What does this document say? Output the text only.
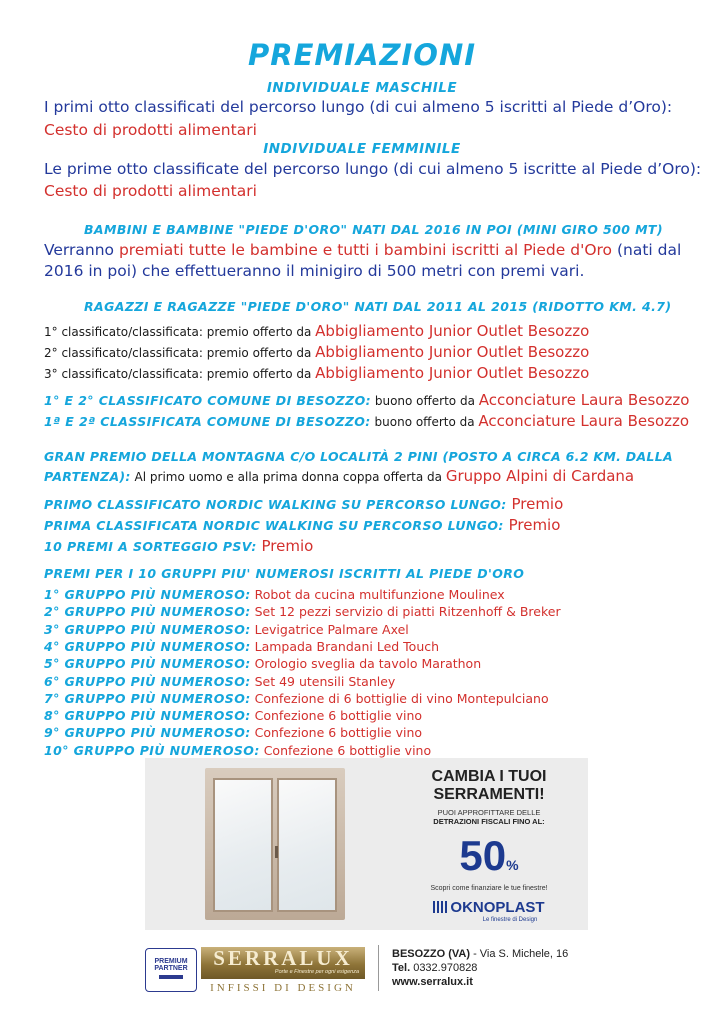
PREMIAZIONI
INDIVIDUALE MASCHILE
I primi otto classificati del percorso lungo (di cui almeno 5 iscritti al Piede d’Oro):
Cesto di prodotti alimentari
INDIVIDUALE FEMMINILE
Le prime otto classificate del percorso lungo (di cui almeno 5 iscritte al Piede d’Oro):
Cesto di prodotti alimentari
BAMBINI E BAMBINE "PIEDE D'ORO" NATI DAL 2016 IN POI (MINI GIRO 500 MT)
Verranno premiati tutte le bambine e tutti i bambini iscritti al Piede d'Oro (nati dal
2016 in poi) che effettueranno il minigiro di 500 metri con premi vari.
RAGAZZI E RAGAZZE "PIEDE D'ORO" NATI DAL 2011 AL 2015 (RIDOTTO KM. 4.7)
1° classificato/classificata: premio offerto da Abbigliamento Junior Outlet Besozzo
2° classificato/classificata: premio offerto da Abbigliamento Junior Outlet Besozzo
3° classificato/classificata: premio offerto da Abbigliamento Junior Outlet Besozzo
1° E 2° CLASSIFICATO COMUNE DI BESOZZO: buono offerto da Acconciature Laura Besozzo
1ª E 2ª CLASSIFICATA COMUNE DI BESOZZO: buono offerto da Acconciature Laura Besozzo
GRAN PREMIO DELLA MONTAGNA C/O LOCALITÀ 2 PINI (POSTO A CIRCA 6.2 KM. DALLA
PARTENZA): Al primo uomo e alla prima donna coppa offerta da Gruppo Alpini di Cardana
PRIMO CLASSIFICATO NORDIC WALKING SU PERCORSO LUNGO: Premio
PRIMA CLASSIFICATA NORDIC WALKING SU PERCORSO LUNGO: Premio
10 PREMI A SORTEGGIO PSV: Premio
PREMI PER I 10 GRUPPI PIU' NUMEROSI ISCRITTI AL PIEDE D'ORO
1° GRUPPO PIÙ NUMEROSO: Robot da cucina multifunzione Moulinex
2° GRUPPO PIÙ NUMEROSO: Set 12 pezzi servizio di piatti Ritzenhoff & Breker
3° GRUPPO PIÙ NUMEROSO: Levigatrice Palmare Axel
4° GRUPPO PIÙ NUMEROSO: Lampada Brandani Led Touch
5° GRUPPO PIÙ NUMEROSO: Orologio sveglia da tavolo Marathon
6° GRUPPO PIÙ NUMEROSO: Set 49 utensili Stanley
7° GRUPPO PIÙ NUMEROSO: Confezione di 6 bottiglie di vino Montepulciano
8° GRUPPO PIÙ NUMEROSO: Confezione 6 bottiglie vino
9° GRUPPO PIÙ NUMEROSO: Confezione 6 bottiglie vino
10° GRUPPO PIÙ NUMEROSO: Confezione 6 bottiglie vino
CAMBIA I TUOI
SERRAMENTI!
PUOI APPROFITTARE DELLE
DETRAZIONI FISCALI FINO AL:
50%
Scopri come finanziare le tue finestre!
OKNOPLAST
Le finestre di Design
PREMIUM
PARTNER	SERRALUX
Porte e Finestre per ogni esigenza
INFISSI DI DESIGN
BESOZZO (VA) - Via S. Michele, 16
Tel. 0332.970828
www.serralux.it
